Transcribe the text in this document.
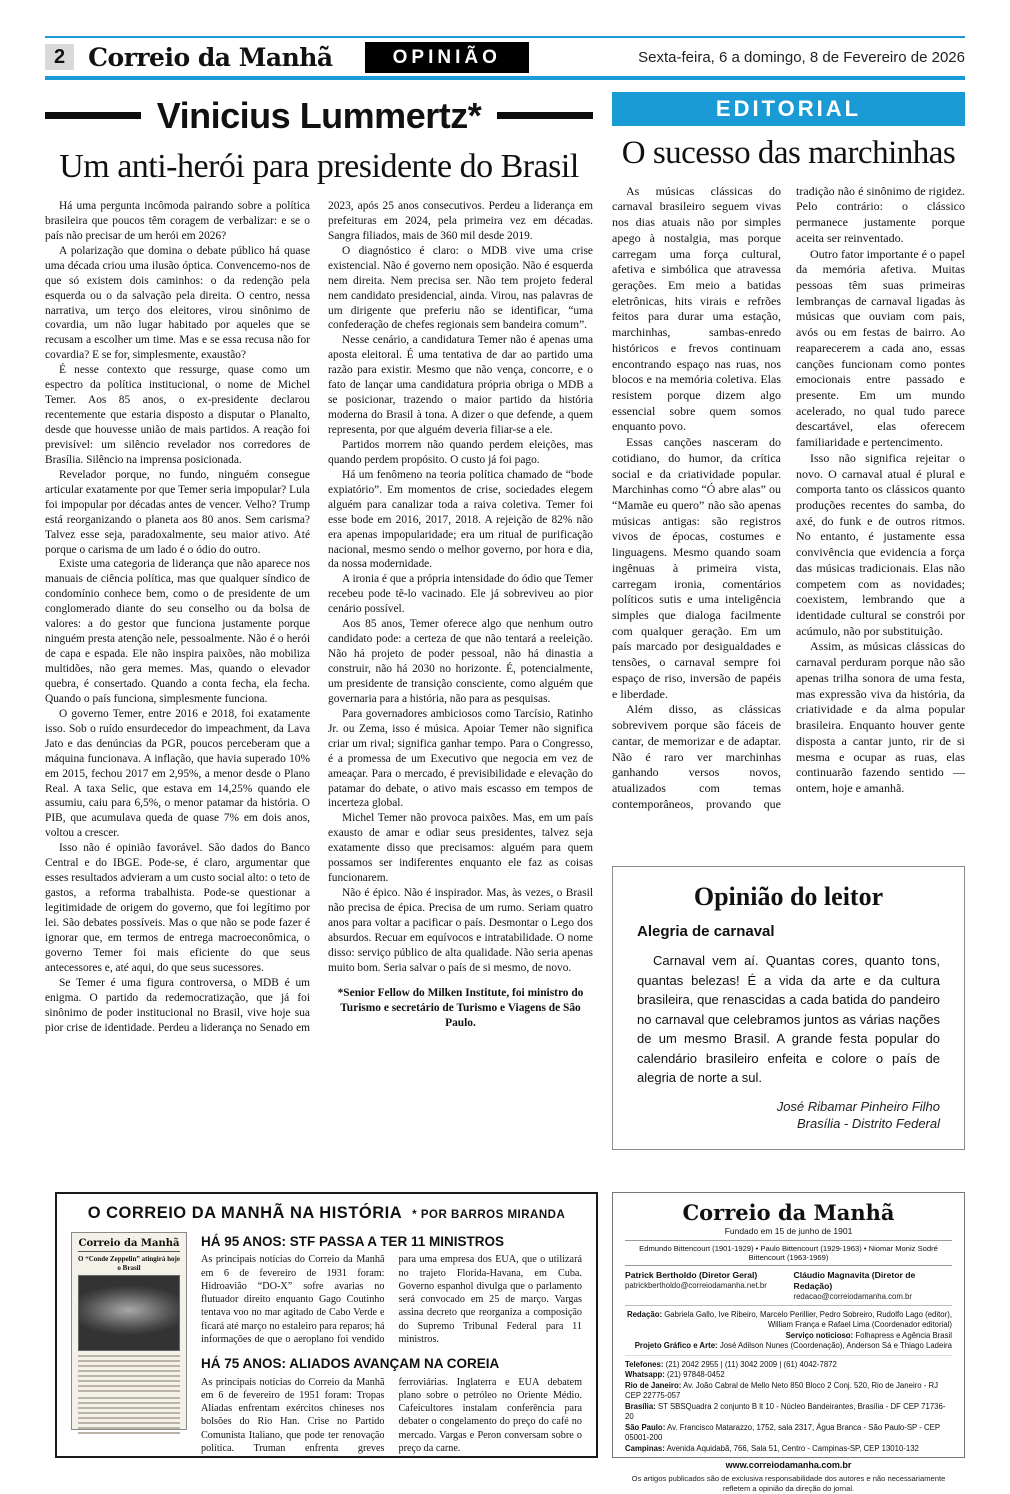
2 Correio da Manhã	OPINIÃO	Sexta-feira, 6 a domingo, 8 de Fevereiro de 2026
Vinicius Lummertz*
Um anti-herói para presidente do Brasil

Há uma pergunta incômoda pairando sobre a política brasileira que poucos têm coragem de verbalizar: e se o país não precisar de um herói em 2026?

A polarização que domina o debate público há quase uma década criou uma ilusão óptica. Convencemo-nos de que só existem dois caminhos: o da redenção pela esquerda ou o da salvação pela direita. O centro, nessa narrativa, um terço dos eleitores, virou sinônimo de covardia, um não lugar habitado por aqueles que se recusam a escolher um time. Mas e se essa recusa não for covardia? E se for, simplesmente, exaustão?

É nesse contexto que ressurge, quase como um espectro da política institucional, o nome de Michel Temer. Aos 85 anos, o ex-presidente declarou recentemente que estaria disposto a disputar o Planalto, desde que houvesse união de mais partidos. A reação foi previsível: um silêncio revelador nos corredores de Brasília. Silêncio na imprensa posicionada.

Revelador porque, no fundo, ninguém consegue articular exatamente por que Temer seria impopular? Lula foi impopular por décadas antes de vencer. Velho? Trump está reorganizando o planeta aos 80 anos. Sem carisma? Talvez esse seja, paradoxalmente, seu maior ativo. Até porque o carisma de um lado é o ódio do outro.

Existe uma categoria de liderança que não aparece nos manuais de ciência política, mas que qualquer síndico de condomínio conhece bem, como o de presidente de um conglomerado diante do seu conselho ou da bolsa de valores: a do gestor que funciona justamente porque ninguém presta atenção nele, pessoalmente. Não é o herói de capa e espada. Ele não inspira paixões, não mobiliza multidões, não gera memes. Mas, quando o elevador quebra, é consertado. Quando a conta fecha, ela fecha. Quando o país funciona, simplesmente funciona.

O governo Temer, entre 2016 e 2018, foi exatamente isso. Sob o ruído ensurdecedor do impeachment, da Lava Jato e das denúncias da PGR, poucos perceberam que a máquina funcionava. A inflação, que havia superado 10% em 2015, fechou 2017 em 2,95%, a menor desde o Plano Real. A taxa Selic, que estava em 14,25% quando ele assumiu, caiu para 6,5%, o menor patamar da história. O PIB, que acumulava queda de quase 7% em dois anos, voltou a crescer.

Isso não é opinião favorável. São dados do Banco Central e do IBGE. Pode-se, é claro, argumentar que esses resultados advieram a um custo social alto: o teto de gastos, a reforma trabalhista. Pode-se questionar a legitimidade de origem do governo, que foi legítimo por lei. São debates possíveis. Mas o que não se pode fazer é ignorar que, em termos de entrega macroeconômica, o governo Temer foi mais eficiente do que seus antecessores e, até aqui, do que seus sucessores.

Se Temer é uma figura controversa, o MDB é um enigma. O partido da redemocratização, que já foi sinônimo de poder institucional no Brasil, vive hoje sua pior crise de identidade. Perdeu a liderança no Senado em 2023, após 25 anos consecutivos. Perdeu a liderança em prefeituras em 2024, pela primeira vez em décadas. Sangra filiados, mais de 360 mil desde 2019.

O diagnóstico é claro: o MDB vive uma crise existencial. Não é governo nem oposição. Não é esquerda nem direita. Nem precisa ser. Não tem projeto federal nem candidato presidencial, ainda. Virou, nas palavras de um dirigente que preferiu não se identificar, “uma confederação de chefes regionais sem bandeira comum”.

Nesse cenário, a candidatura Temer não é apenas uma aposta eleitoral. É uma tentativa de dar ao partido uma razão para existir. Mesmo que não vença, concorre, e o fato de lançar uma candidatura própria obriga o MDB a se posicionar, trazendo o maior partido da história moderna do Brasil à tona. A dizer o que defende, a quem representa, por que alguém deveria filiar-se a ele.

Partidos morrem não quando perdem eleições, mas quando perdem propósito. O custo já foi pago.

Há um fenômeno na teoria política chamado de “bode expiatório”. Em momentos de crise, sociedades elegem alguém para canalizar toda a raiva coletiva. Temer foi esse bode em 2016, 2017, 2018. A rejeição de 82% não era apenas impopularidade; era um ritual de purificação nacional, mesmo sendo o melhor governo, por hora e dia, da nossa modernidade.

A ironia é que a própria intensidade do ódio que Temer recebeu pode tê-lo vacinado. Ele já sobreviveu ao pior cenário possível.

Aos 85 anos, Temer oferece algo que nenhum outro candidato pode: a certeza de que não tentará a reeleição. Não há projeto de poder pessoal, não há dinastia a construir, não há 2030 no horizonte. É, potencialmente, um presidente de transição consciente, como alguém que governaria para a história, não para as pesquisas.

Para governadores ambiciosos como Tarcísio, Ratinho Jr. ou Zema, isso é música. Apoiar Temer não significa criar um rival; significa ganhar tempo. Para o Congresso, é a promessa de um Executivo que negocia em vez de ameaçar. Para o mercado, é previsibilidade e elevação do patamar do debate, o ativo mais escasso em tempos de incerteza global.

Michel Temer não provoca paixões. Mas, em um país exausto de amar e odiar seus presidentes, talvez seja exatamente disso que precisamos: alguém para quem possamos ser indiferentes enquanto ele faz as coisas funcionarem.

Não é épico. Não é inspirador. Mas, às vezes, o Brasil não precisa de épica. Precisa de um rumo. Seriam quatro anos para voltar a pacificar o país. Desmontar o Lego dos absurdos. Recuar em equívocos e intratabilidade. O nome disso: serviço público de alta qualidade. Não seria apenas muito bom. Seria salvar o país de si mesmo, de novo.

*Senior Fellow do Milken Institute, foi ministro do Turismo e secretário de Turismo e Viagens de São Paulo.

EDITORIAL
O sucesso das marchinhas

As músicas clássicas do carnaval brasileiro seguem vivas nos dias atuais não por simples apego à nostalgia, mas porque carregam uma força cultural, afetiva e simbólica que atravessa gerações. Em meio a batidas eletrônicas, hits virais e refrões feitos para durar uma estação, marchinhas, sambas-enredo históricos e frevos continuam encontrando espaço nas ruas, nos blocos e na memória coletiva. Elas resistem porque dizem algo essencial sobre quem somos enquanto povo.

Essas canções nasceram do cotidiano, do humor, da crítica social e da criatividade popular. Marchinhas como “Ó abre alas” ou “Mamãe eu quero” não são apenas músicas antigas: são registros vivos de épocas, costumes e linguagens. Mesmo quando soam ingênuas à primeira vista, carregam ironia, comentários políticos sutis e uma inteligência simples que dialoga facilmente com qualquer geração. Em um país marcado por desigualdades e tensões, o carnaval sempre foi espaço de riso, inversão de papéis e liberdade.

Além disso, as clássicas sobrevivem porque são fáceis de cantar, de memorizar e de adaptar. Não é raro ver marchinhas ganhando versos novos, atualizados com temas contemporâneos, provando que tradição não é sinônimo de rigidez. Pelo contrário: o clássico permanece justamente porque aceita ser reinventado.

Outro fator importante é o papel da memória afetiva. Muitas pessoas têm suas primeiras lembranças de carnaval ligadas às músicas que ouviam com pais, avós ou em festas de bairro. Ao reaparecerem a cada ano, essas canções funcionam como pontes emocionais entre passado e presente. Em um mundo acelerado, no qual tudo parece descartável, elas oferecem familiaridade e pertencimento.

Isso não significa rejeitar o novo. O carnaval atual é plural e comporta tanto os clássicos quanto produções recentes do samba, do axé, do funk e de outros ritmos. No entanto, é justamente essa convivência que evidencia a força das músicas tradicionais. Elas não competem com as novidades; coexistem, lembrando que a identidade cultural se constrói por acúmulo, não por substituição.

Assim, as músicas clássicas do carnaval perduram porque não são apenas trilha sonora de uma festa, mas expressão viva da história, da criatividade e da alma popular brasileira. Enquanto houver gente disposta a cantar junto, rir de si mesma e ocupar as ruas, elas continuarão fazendo sentido — ontem, hoje e amanhã.

Opinião do leitor
Alegria de carnaval

Carnaval vem aí. Quantas cores, quanto tons, quantas belezas! É a vida da arte e da cultura brasileira, que renascidas a cada batida do pandeiro no carnaval que celebramos juntos as várias nações de um mesmo Brasil. A grande festa popular do calendário brasileiro enfeita e colore o país de alegria de norte a sul.

José Ribamar Pinheiro Filho
Brasília - Distrito Federal
O CORREIO DA MANHÃ NA HISTÓRIA * POR BARROS MIRANDA
Correio da Manhã
O “Conde Zeppelin” atingirá hoje o Brasil
HÁ 95 ANOS: STF PASSA A TER 11 MINISTROS
As principais notícias do Correio da Manhã em 6 de fevereiro de 1931 foram: Hidroavião “DO-X” sofre avarias no flutuador direito enquanto Gago Coutinho tentava voo no mar agitado de Cabo Verde e ficará até março no estaleiro para reparos; há informações de que o aeroplano foi vendido para uma empresa dos EUA, que o utilizará no trajeto Florida-Havana, em Cuba. Governo espanhol divulga que o parlamento será convocado em 25 de março. Vargas assina decreto que reorganiza a composição do Supremo Tribunal Federal para 11 ministros.
HÁ 75 ANOS: ALIADOS AVANÇAM NA COREIA
As principais notícias do Correio da Manhã em 6 de fevereiro de 1951 foram: Tropas Aliadas enfrentam exércitos chineses nos bolsões do Rio Han. Crise no Partido Comunista Italiano, que pode ter renovação política. Truman enfrenta greves ferroviárias. Inglaterra e EUA debatem plano sobre o petróleo no Oriente Médio. Cafeicultores instalam conferência para debater o congelamento do preço do café no mercado. Vargas e Peron conversam sobre o preço da carne.
Correio da Manhã
Fundado em 15 de junho de 1901
Edmundo Bittencourt (1901-1929) • Paulo Bittencourt (1929-1963) • Niomar Moniz Sodré Bittencourt (1963-1969)
Patrick Bertholdo (Diretor Geral)
patrickbertholdo@correiodamanha.net.br
Cláudio Magnavita (Diretor de Redação)
redacao@correiodamanha.com.br
Redação: Gabriela Gallo, Ive Ribeiro, Marcelo Perillier, Pedro Sobreiro, Rudolfo Lago (editor), William França e Rafael Lima (Coordenador editorial)
Serviço noticioso: Folhapress e Agência Brasil
Projeto Gráfico e Arte: José Adilson Nunes (Coordenação), Anderson Sá e Thiago Ladeira
Telefones: (21) 2042 2955 | (11) 3042 2009 | (61) 4042-7872
Whatsapp: (21) 97848-0452
Rio de Janeiro: Av. João Cabral de Mello Neto 850 Bloco 2 Conj. 520, Rio de Janeiro - RJ CEP 22775-057
Brasília: ST SBSQuadra 2 conjunto B lt 10 - Núcleo Bandeirantes, Brasília - DF CEP 71736-20
São Paulo: Av. Francisco Matarazzo, 1752, sala 2317, Água Branca - São Paulo-SP - CEP 05001-200
Campinas: Avenida Aquidabã, 766, Sala 51, Centro - Campinas-SP, CEP 13010-132
www.correiodamanha.com.br
Os artigos publicados são de exclusiva responsabilidade dos autores e não necessariamente refletem a opinião da direção do jornal.
